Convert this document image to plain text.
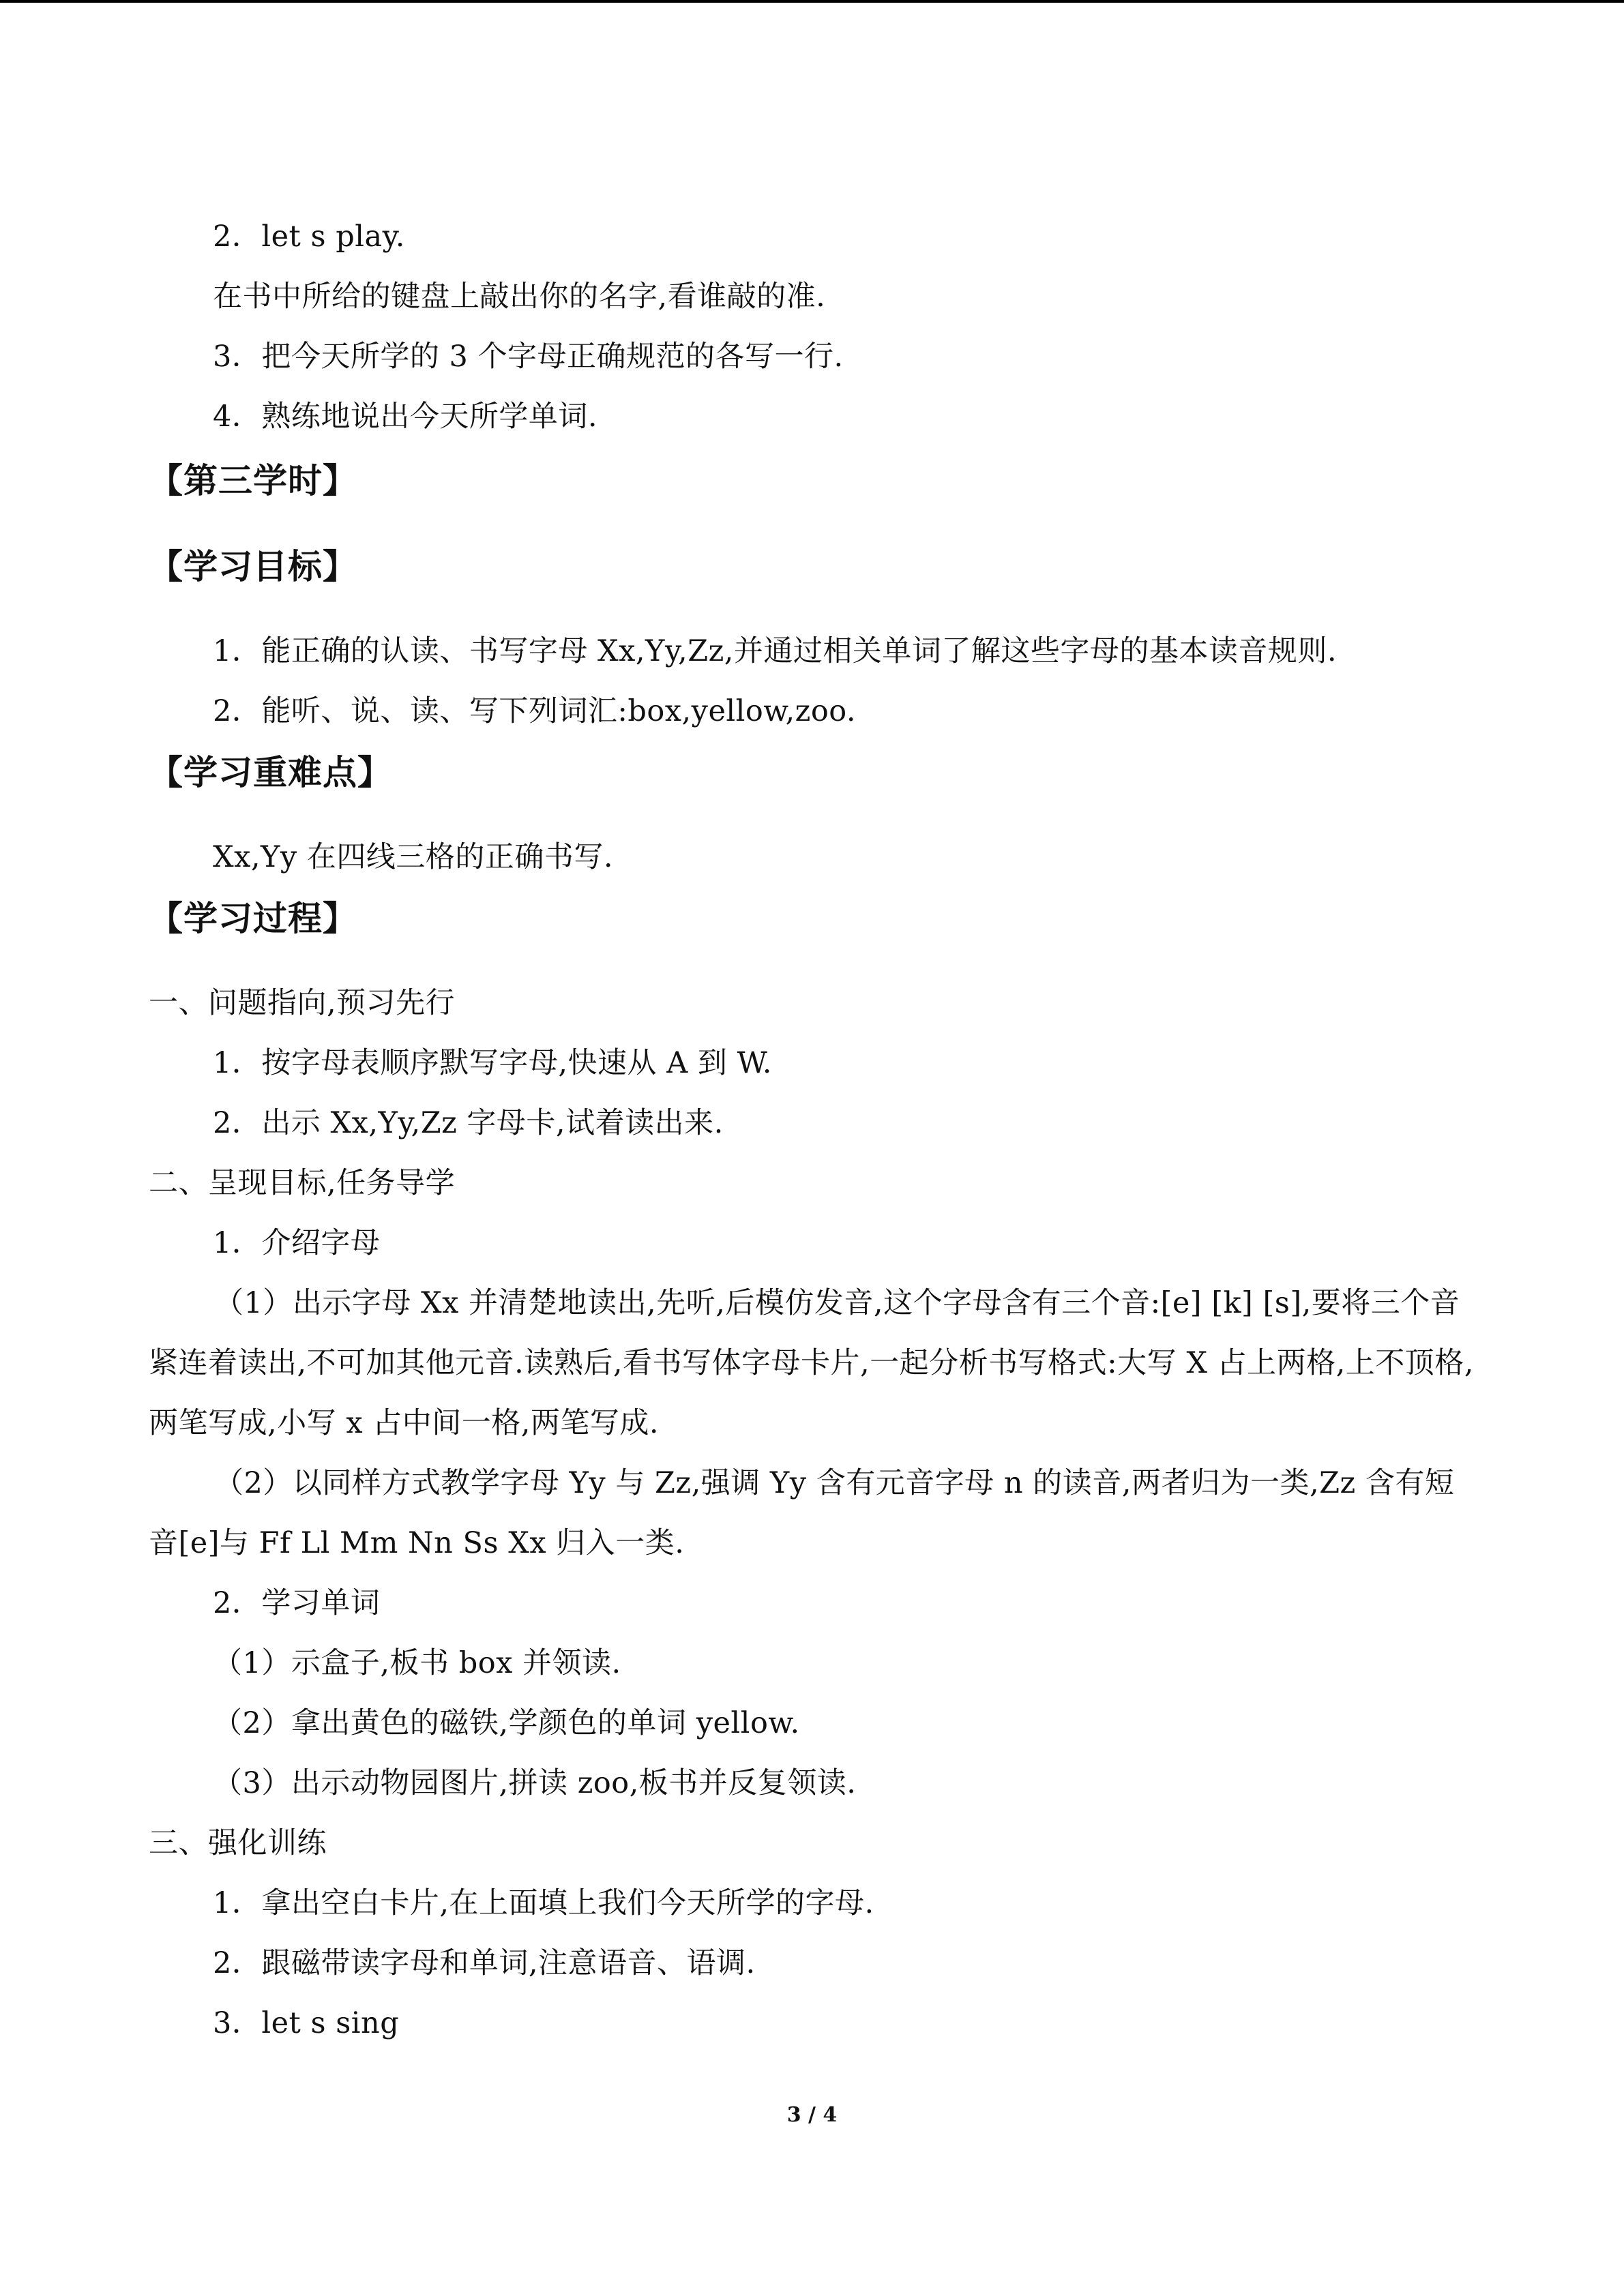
2．let s play.
在书中所给的键盘上敲出你的名字,看谁敲的准.
3．把今天所学的 3 个字母正确规范的各写一行.
4．熟练地说出今天所学单词.
【第三学时】
【学习目标】
1．能正确的认读、书写字母 Xx,Yy,Zz,并通过相关单词了解这些字母的基本读音规则.
2．能听、说、读、写下列词汇:box,yellow,zoo.
【学习重难点】
Xx,Yy 在四线三格的正确书写.
【学习过程】
一、问题指向,预习先行
1．按字母表顺序默写字母,快速从 A 到 W.
2．出示 Xx,Yy,Zz 字母卡,试着读出来.
二、呈现目标,任务导学
1．介绍字母
（1）出示字母 Xx 并清楚地读出,先听,后模仿发音,这个字母含有三个音:[e] [k] [s],要将三个音紧连着读出,不可加其他元音.读熟后,看书写体字母卡片,一起分析书写格式:大写 X 占上两格,上不顶格,两笔写成,小写 x 占中间一格,两笔写成.
（2）以同样方式教学字母 Yy 与 Zz,强调 Yy 含有元音字母 n 的读音,两者归为一类,Zz 含有短音[e]与 Ff Ll Mm Nn Ss Xx 归入一类.
2．学习单词
（1）示盒子,板书 box 并领读.
（2）拿出黄色的磁铁,学颜色的单词 yellow.
（3）出示动物园图片,拼读 zoo,板书并反复领读.
三、强化训练
1．拿出空白卡片,在上面填上我们今天所学的字母.
2．跟磁带读字母和单词,注意语音、语调.
3．let s sing
3 / 4
